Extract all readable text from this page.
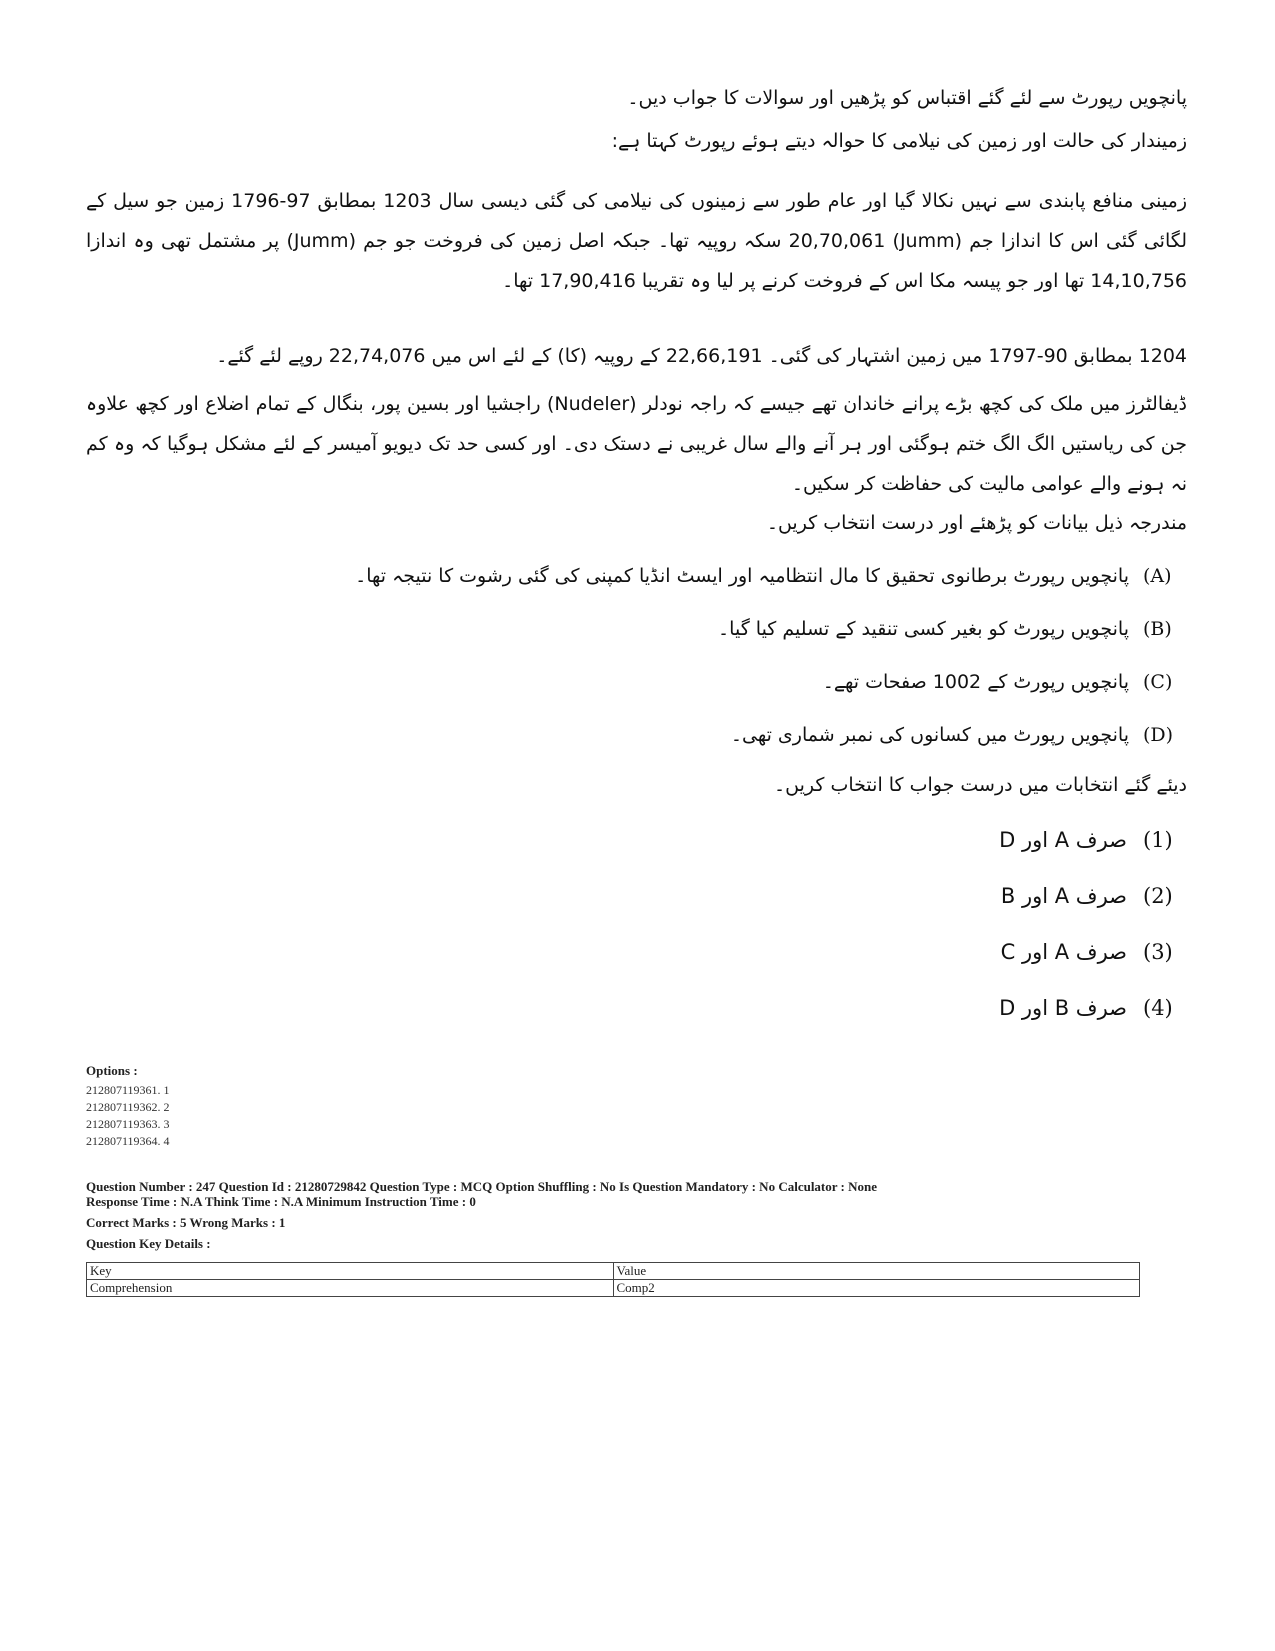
پانچویں رپورٹ سے لئے گئے اقتباس کو پڑھیں اور سوالات کا جواب دیں۔
زمیندار کی حالت اور زمین کی نیلامی کا حوالہ دیتے ہوئے رپورٹ کہتا ہے:
زمینی منافع پابندی سے نہیں نکالا گیا اور عام طور سے زمینوں کی نیلامی کی گئی دیسی سال 1203 بمطابق 97-1796 زمین جو سیل کے لگائی گئی اس کا اندازا جم (Jumm) 20,70,061 سکہ روپیہ تھا۔ جبکہ اصل زمین کی فروخت جو جم (Jumm) پر مشتمل تھی وہ اندازا 14,10,756 تھا اور جو پیسہ مکا اس کے فروخت کرنے پر لیا وہ تقریبا 17,90,416 تھا۔
1204 بمطابق 90-1797 میں زمین اشتہار کی گئی۔ 22,66,191 کے روپیہ (کا) کے لئے اس میں 22,74,076 روپے لئے گئے۔
ڈیفالٹرز میں ملک کی کچھ بڑے پرانے خاندان تھے جیسے کہ راجہ نودلر (Nudeler) راجشیا اور بسین پور، بنگال کے تمام اضلاع اور کچھ علاوہ جن کی ریاستیں الگ الگ ختم ہوگئی اور ہر آنے والے سال غریبی نے دستک دی۔ اور کسی حد تک دیویو آمیسر کے لئے مشکل ہوگیا کہ وہ کم نہ ہونے والے عوامی مالیت کی حفاظت کر سکیں۔
مندرجہ ذیل بیانات کو پڑھئے اور درست انتخاب کریں۔
(A)
پانچویں رپورٹ برطانوی تحقیق کا مال انتظامیہ اور ایسٹ انڈیا کمپنی کی گئی رشوت کا نتیجہ تھا۔
(B)
پانچویں رپورٹ کو بغیر کسی تنقید کے تسلیم کیا گیا۔
(C)
پانچویں رپورٹ کے 1002 صفحات تھے۔
(D)
پانچویں رپورٹ میں کسانوں کی نمبر شماری تھی۔
دیئے گئے انتخابات میں درست جواب کا انتخاب کریں۔
(1)
صرف A اور D
(2)
صرف A اور B
(3)
صرف A اور C
(4)
صرف B اور D
Options :
212807119361. 1
212807119362. 2
212807119363. 3
212807119364. 4
Question Number : 247 Question Id : 21280729842 Question Type : MCQ Option Shuffling : No Is Question Mandatory : No Calculator : None
Response Time : N.A Think Time : N.A Minimum Instruction Time : 0
Correct Marks : 5 Wrong Marks : 1
Question Key Details :
Key	Value
Comprehension	Comp2
